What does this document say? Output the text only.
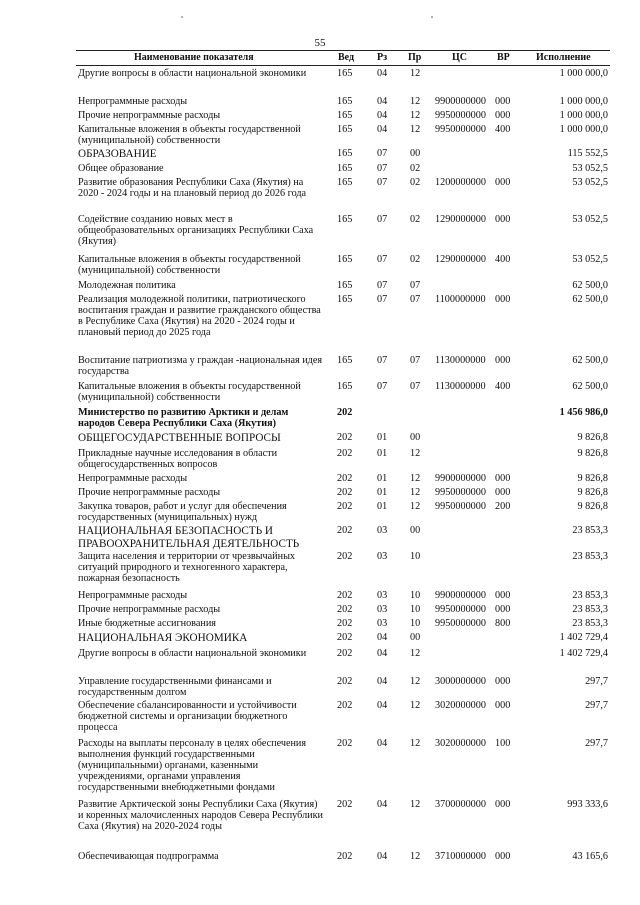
55
Наименование показателя	Вед Рз Пр	ЦС	ВР	Исполнение
Другие вопросы в области национальной экономики	165 04 12	1 000 000,0
Непрограммные расходы	165 04 12 9900000000 000	1 000 000,0
Прочие непрограммные расходы	165 04 12 9950000000 000	1 000 000,0
Капитальные вложения в объекты государственной (муниципальной) собственности
165 04 12 9950000000 400	1 000 000,0
ОБРАЗОВАНИЕ	165 07 00	115 552,5
Общее образование	165 07 02	53 052,5
Развитие образования Республики Саха (Якутия) на 2020 - 2024 годы и на плановый период до 2026 года
165 07 02 1200000000 000	53 052,5
Содействие созданию новых мест в общеобразовательных организациях Республики Саха (Якутия)
165 07 02 1290000000 000	53 052,5
Капитальные вложения в объекты государственной (муниципальной) собственности
165 07 02 1290000000 400	53 052,5
Молодежная политика	165 07 07	62 500,0
Реализация молодежной политики, патриотического воспитания граждан и развитие гражданского общества в Республике Саха (Якутия) на 2020 - 2024 годы и плановый период до 2025 года
165 07 07 1100000000 000	62 500,0
Воспитание патриотизма у граждан -национальная идея государства
165 07 07 1130000000 000	62 500,0
Капитальные вложения в объекты государственной (муниципальной) собственности
165 07 07 1130000000 400	62 500,0
Министерство по развитию Арктики и делам народов Севера Республики Саха (Якутия)
202	1 456 986,0
ОБЩЕГОСУДАРСТВЕННЫЕ ВОПРОСЫ	202 01 00	9 826,8
Прикладные научные исследования в области общегосударственных вопросов
202 01 12	9 826,8
Непрограммные расходы	202 01 12 9900000000 000	9 826,8
Прочие непрограммные расходы	202 01 12 9950000000 000	9 826,8
Закупка товаров, работ и услуг для обеспечения государственных (муниципальных) нужд
202 01 12 9950000000 200	9 826,8
НАЦИОНАЛЬНАЯ БЕЗОПАСНОСТЬ И ПРАВООХРАНИТЕЛЬНАЯ ДЕЯТЕЛЬНОСТЬ
202 03 00	23 853,3
Защита населения и территории от чрезвычайных ситуаций природного и техногенного характера, пожарная безопасность
202 03 10	23 853,3
Непрограммные расходы	202 03 10 9900000000 000	23 853,3
Прочие непрограммные расходы	202 03 10 9950000000 000	23 853,3
Иные бюджетные ассигнования	202 03 10 9950000000 800	23 853,3
НАЦИОНАЛЬНАЯ ЭКОНОМИКА	202 04 00	1 402 729,4
Другие вопросы в области национальной экономики	202 04 12	1 402 729,4
Управление государственными финансами и государственным долгом
202 04 12 3000000000 000	297,7
Обеспечение сбалансированности и устойчивости бюджетной системы и организации бюджетного процесса
202 04 12 3020000000 000	297,7
Расходы на выплаты персоналу в целях обеспечения выполнения функций государственными (муниципальными) органами, казенными учреждениями, органами управления государственными внебюджетными фондами
202 04 12 3020000000 100	297,7
Развитие Арктической зоны Республики Саха (Якутия) и коренных малочисленных народов Севера Республики Саха (Якутия) на 2020-2024 годы
202 04 12 3700000000 000	993 333,6
Обеспечивающая подпрограмма	202 04 12 3710000000 000	43 165,6
